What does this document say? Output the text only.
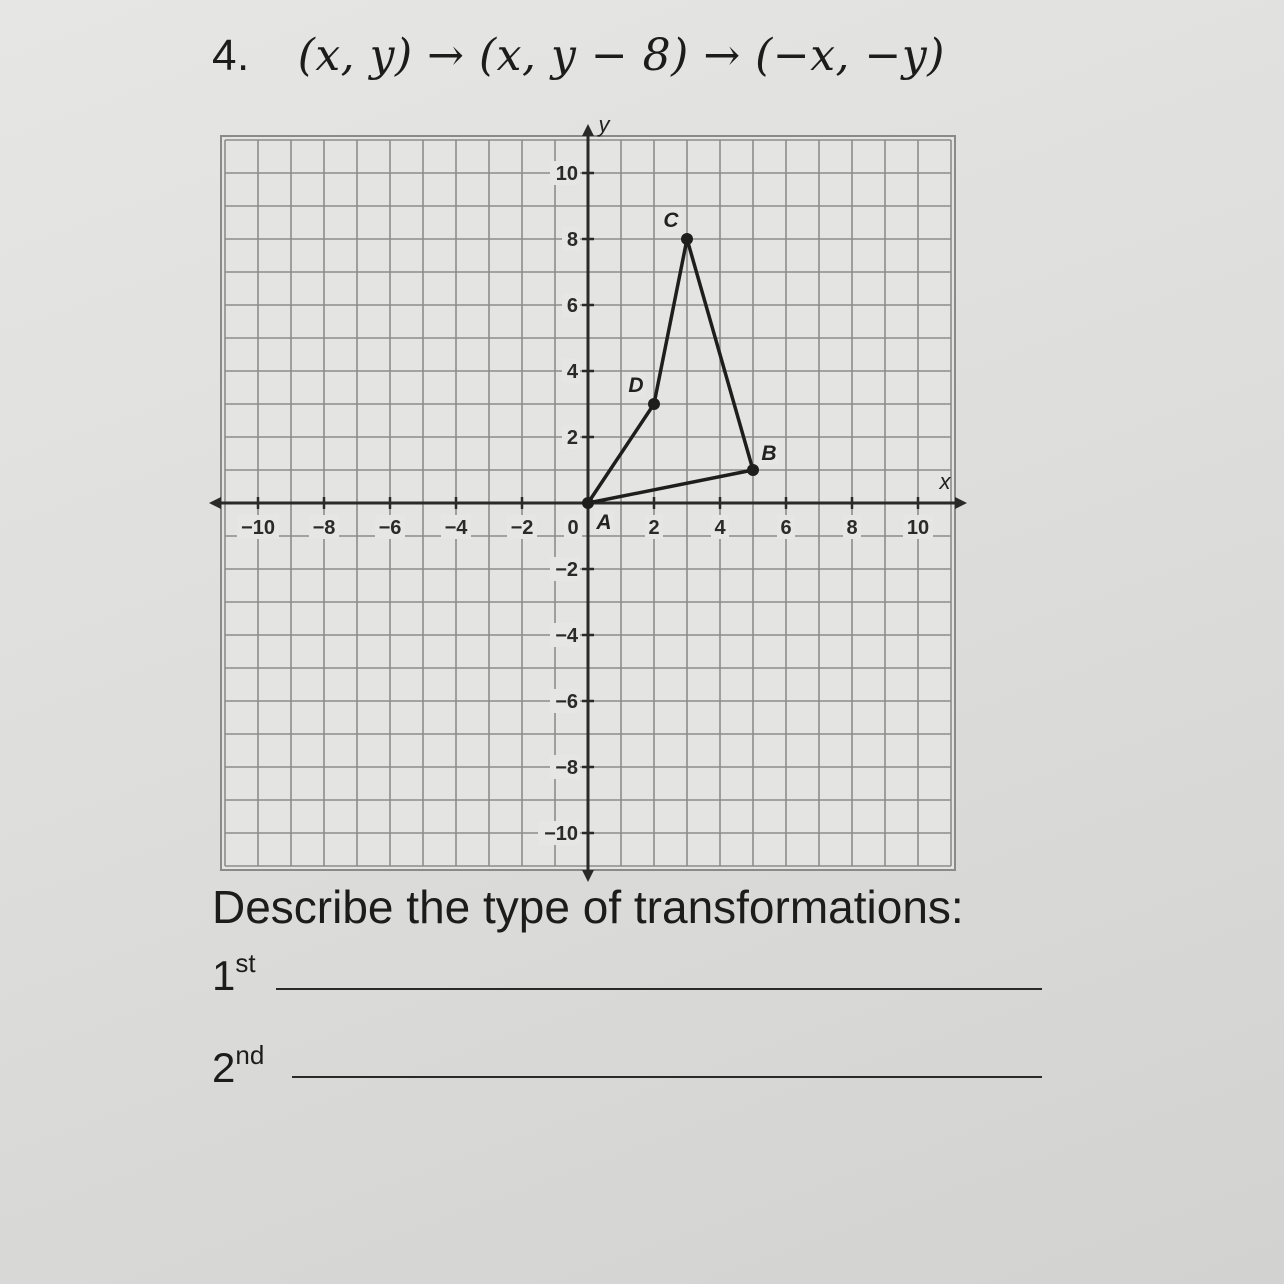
4. (x, y) → (x, y − 8) → (−x, −y)
x
y
−10 −8 −6 −4 −2	2	4	6	8 10
10
8
6
4
2
−2
−4
−6
−8
−10
0 A
B
C
D
Describe the type of transformations:
1st
2nd
